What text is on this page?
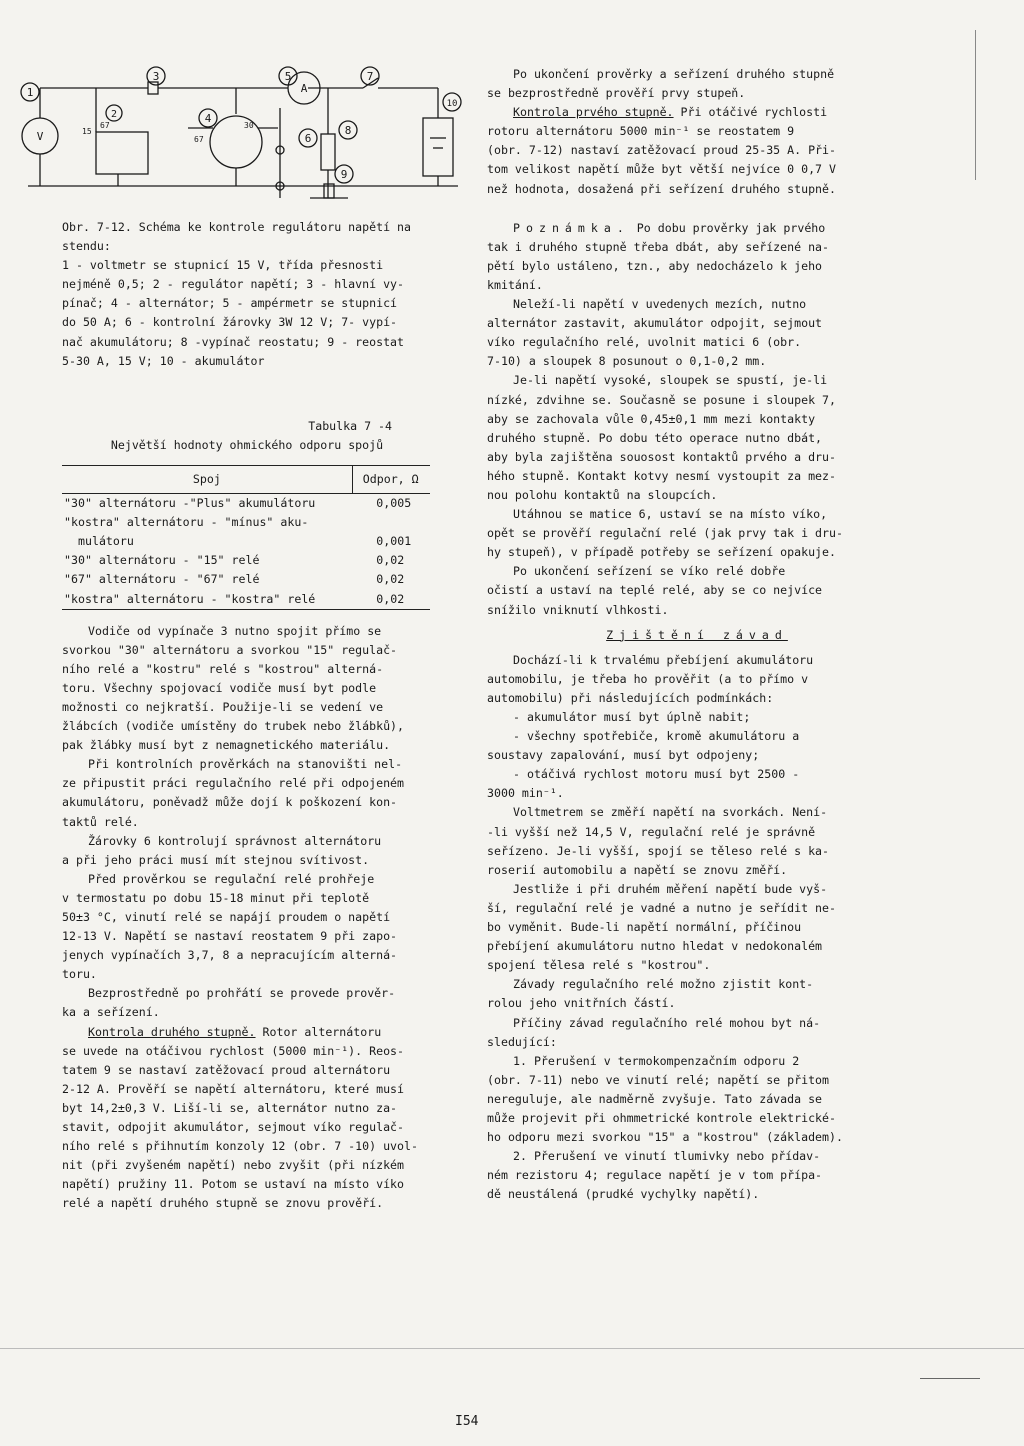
1
2
3
4
5
6
7
8
9
10
V
A
15
67
67
30
Obr. 7-12. Schéma ke kontrole regulátoru napětí na
stendu:
1 - voltmetr se stupnicí 15 V, třída přesnosti
nejméně 0,5; 2 - regulátor napětí; 3 - hlavní vy-
pínač; 4 - alternátor; 5 - ampérmetr se stupnicí
do 50 A; 6 - kontrolní žárovky 3W 12 V; 7- vypí-
nač akumulátoru; 8 -vypínač reostatu; 9 - reostat
5-30 A, 15 V; 10 - akumulátor
Tabulka 7 -4
Největší hodnoty ohmického odporu spojů
Spoj	Odpor, Ω
"30" alternátoru -"Plus" akumulátoru	0,005
"kostra" alternátoru - "mínus" aku-	
mulátoru	0,001
"30" alternátoru - "15" relé	0,02
"67" alternátoru - "67" relé	0,02
"kostra" alternátoru - "kostra" relé	0,02
Vodiče od vypínače 3 nutno spojit přímo se
svorkou "30" alternátoru a svorkou "15" regulač-
ního relé a "kostru" relé s "kostrou" alterná-
toru. Všechny spojovací vodiče musí byt podle
možnosti co nejkratší. Použije-li se vedení ve
žlábcích (vodiče umístěny do trubek nebo žlábků),
pak žlábky musí byt z nemagnetického materiálu.
Při kontrolních prověrkách na stanovišti nel-
ze připustit práci regulačního relé při odpojeném
akumulátoru, poněvadž může dojí k poškození kon-
taktů relé.
Žárovky 6 kontrolují správnost alternátoru
a při jeho práci musí mít stejnou svítivost.
Před prověrkou se regulační relé prohřeje
v termostatu po dobu 15-18 minut při teplotě
50±3 °C, vinutí relé se napájí proudem o napětí
12-13 V. Napětí se nastaví reostatem 9 při zapo-
jenych vypínačích 3,7, 8 a nepracujícím alterná-
toru.
Bezprostředně po prohřátí se provede prověr-
ka a seřízení.
Kontrola druhého stupně. Rotor alternátoru
se uvede na otáčivou rychlost (5000 min⁻¹). Reos-
tatem 9 se nastaví zatěžovací proud alternátoru
2-12 A. Prověří se napětí alternátoru, které musí
byt 14,2±0,3 V. Liší-li se, alternátor nutno za-
stavit, odpojit akumulátor, sejmout víko regulač-
ního relé s přihnutím konzoly 12 (obr. 7 -10) uvol-
nit (při zvyšeném napětí) nebo zvyšit (při nízkém
napětí) pružiny 11. Potom se ustaví na místo víko
relé a napětí druhého stupně se znovu prověří.
Po ukončení prověrky a seřízení druhého stupně
se bezprostředně prověří prvy stupeň.
Kontrola prvého stupně. Při otáčivé rychlosti
rotoru alternátoru 5000 min⁻¹ se reostatem 9
(obr. 7-12) nastaví zatěžovací proud 25-35 A. Při-
tom velikost napětí může byt větší nejvíce 0 0,7 V
než hodnota, dosažená při seřízení druhého stupně.
Poznámka. Po dobu prověrky jak prvého
tak i druhého stupně třeba dbát, aby seřízené na-
pětí bylo ustáleno, tzn., aby nedocházelo k jeho
kmitání.
Neleží-li napětí v uvedenych mezích, nutno
alternátor zastavit, akumulátor odpojit, sejmout
víko regulačního relé, uvolnit matici 6 (obr.
7-10) a sloupek 8 posunout o 0,1-0,2 mm.
Je-li napětí vysoké, sloupek se spustí, je-li
nízké, zdvihne se. Současně se posune i sloupek 7,
aby se zachovala vůle 0,45±0,1 mm mezi kontakty
druhého stupně. Po dobu této operace nutno dbát,
aby byla zajištěna souosost kontaktů prvého a dru-
hého stupně. Kontakt kotvy nesmí vystoupit za mez-
nou polohu kontaktů na sloupcích.
Utáhnou se matice 6, ustaví se na místo víko,
opět se prověří regulační relé (jak prvy tak i dru-
hy stupeň), v případě potřeby se seřízení opakuje.
Po ukončení seřízení se víko relé dobře
očistí a ustaví na teplé relé, aby se co nejvíce
snížilo vniknutí vlhkosti.
Zjištění závad
Dochází-li k trvalému přebíjení akumulátoru
automobilu, je třeba ho prověřit (a to přímo v
automobilu) při následujících podmínkách:
- akumulátor musí byt úplně nabit;
- všechny spotřebiče, kromě akumulátoru a
soustavy zapalování, musí byt odpojeny;
- otáčivá rychlost motoru musí byt 2500 -
3000 min⁻¹.
Voltmetrem se změří napětí na svorkách. Není-
-li vyšší než 14,5 V, regulační relé je správně
seřízeno. Je-li vyšší, spojí se těleso relé s ka-
roserií automobilu a napětí se znovu změří.
Jestliže i při druhém měření napětí bude vyš-
ší, regulační relé je vadné a nutno je seřídit ne-
bo vyměnit. Bude-li napětí normální, příčinou
přebíjení akumulátoru nutno hledat v nedokonalém
spojení tělesa relé s "kostrou".
Závady regulačního relé možno zjistit kont-
rolou jeho vnitřních částí.
Příčiny závad regulačního relé mohou byt ná-
sledující:
1. Přerušení v termokompenzačním odporu 2
(obr. 7-11) nebo ve vinutí relé; napětí se přitom
nereguluje, ale nadměrně zvyšuje. Tato závada se
může projevit při ohmmetrické kontrole elektrické-
ho odporu mezi svorkou "15" a "kostrou" (základem).
2. Přerušení ve vinutí tlumivky nebo přídav-
ném rezistoru 4; regulace napětí je v tom přípa-
dě neustálená (prudké vychylky napětí).
I54
